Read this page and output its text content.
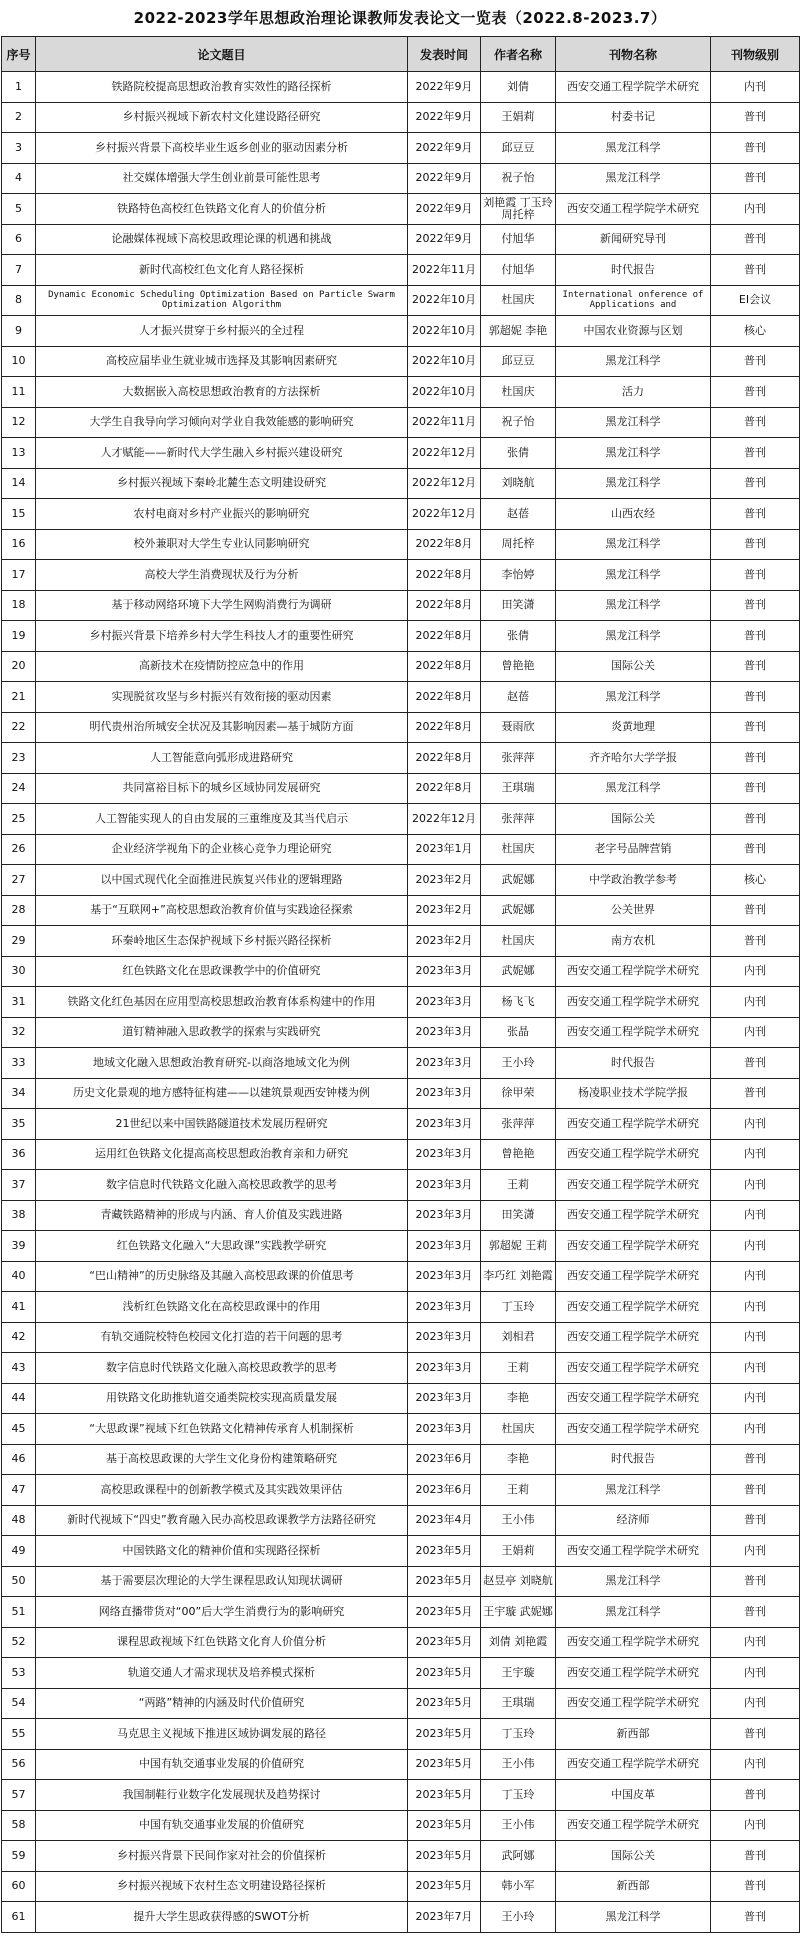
2022-2023学年思想政治理论课教师发表论文一览表（2022.8-2023.7）
序号	论文题目	发表时间	作者名称	刊物名称	刊物级别
1	铁路院校提高思想政治教育实效性的路径探析	2022年9月	刘倩	西安交通工程学院学术研究	内刊
2	乡村振兴视域下新农村文化建设路径研究	2022年9月	王娟莉	村委书记	普刊
3	乡村振兴背景下高校毕业生返乡创业的驱动因素分析	2022年9月	邱豆豆	黑龙江科学	普刊
4	社交媒体增强大学生创业前景可能性思考	2022年9月	祝子怡	黑龙江科学	普刊
5	铁路特色高校红色铁路文化育人的价值分析	2022年9月	刘艳霞 丁玉玲 周托梓	西安交通工程学院学术研究	内刊
6	论融媒体视域下高校思政理论课的机遇和挑战	2022年9月	付旭华	新闻研究导刊	普刊
7	新时代高校红色文化育人路径探析	2022年11月	付旭华	时代报告	普刊
8	Dynamic Economic Scheduling Optimization Based on Particle Swarm Optimization Algorithm	2022年10月	杜国庆	International onference of Applications and	EI会议
9	人才振兴贯穿于乡村振兴的全过程	2022年10月	郭超妮 李艳	中国农业资源与区划	核心
10	高校应届毕业生就业城市选择及其影响因素研究	2022年10月	邱豆豆	黑龙江科学	普刊
11	大数据嵌入高校思想政治教育的方法探析	2022年10月	杜国庆	活力	普刊
12	大学生自我导向学习倾向对学业自我效能感的影响研究	2022年11月	祝子怡	黑龙江科学	普刊
13	人才赋能——新时代大学生融入乡村振兴建设研究	2022年12月	张倩	黑龙江科学	普刊
14	乡村振兴视域下秦岭北麓生态文明建设研究	2022年12月	刘晓航	黑龙江科学	普刊
15	农村电商对乡村产业振兴的影响研究	2022年12月	赵蓓	山西农经	普刊
16	校外兼职对大学生专业认同影响研究	2022年8月	周托梓	黑龙江科学	普刊
17	高校大学生消费现状及行为分析	2022年8月	李怡婷	黑龙江科学	普刊
18	基于移动网络环境下大学生网购消费行为调研	2022年8月	田笑潇	黑龙江科学	普刊
19	乡村振兴背景下培养乡村大学生科技人才的重要性研究	2022年8月	张倩	黑龙江科学	普刊
20	高新技术在疫情防控应急中的作用	2022年8月	曾艳艳	国际公关	普刊
21	实现脱贫攻坚与乡村振兴有效衔接的驱动因素	2022年8月	赵蓓	黑龙江科学	普刊
22	明代贵州治所城安全状况及其影响因素—基于城防方面	2022年8月	聂雨欣	炎黄地理	普刊
23	人工智能意向弧形成进路研究	2022年8月	张萍萍	齐齐哈尔大学学报	普刊
24	共同富裕目标下的城乡区域协同发展研究	2022年8月	王琪瑞	黑龙江科学	普刊
25	人工智能实现人的自由发展的三重维度及其当代启示	2022年12月	张萍萍	国际公关	普刊
26	企业经济学视角下的企业核心竞争力理论研究	2023年1月	杜国庆	老字号品牌营销	普刊
27	以中国式现代化全面推进民族复兴伟业的逻辑理路	2023年2月	武妮娜	中学政治教学参考	核心
28	基于“互联网+”高校思想政治教育价值与实践途径探索	2023年2月	武妮娜	公关世界	普刊
29	环秦岭地区生态保护视域下乡村振兴路径探析	2023年2月	杜国庆	南方农机	普刊
30	红色铁路文化在思政课教学中的价值研究	2023年3月	武妮娜	西安交通工程学院学术研究	内刊
31	铁路文化红色基因在应用型高校思想政治教育体系构建中的作用	2023年3月	杨飞飞	西安交通工程学院学术研究	内刊
32	道钉精神融入思政教学的探索与实践研究	2023年3月	张晶	西安交通工程学院学术研究	内刊
33	地域文化融入思想政治教育研究-以商洛地域文化为例	2023年3月	王小玲	时代报告	普刊
34	历史文化景观的地方感特征构建——以建筑景观西安钟楼为例	2023年3月	徐甲荣	杨凌职业技术学院学报	普刊
35	21世纪以来中国铁路隧道技术发展历程研究	2023年3月	张萍萍	西安交通工程学院学术研究	内刊
36	运用红色铁路文化提高高校思想政治教育亲和力研究	2023年3月	曾艳艳	西安交通工程学院学术研究	内刊
37	数字信息时代铁路文化融入高校思政教学的思考	2023年3月	王莉	西安交通工程学院学术研究	内刊
38	青藏铁路精神的形成与内涵、育人价值及实践进路	2023年3月	田笑潇	西安交通工程学院学术研究	内刊
39	红色铁路文化融入“大思政课”实践教学研究	2023年3月	郭超妮 王莉	西安交通工程学院学术研究	内刊
40	“巴山精神”的历史脉络及其融入高校思政课的价值思考	2023年3月	李巧红 刘艳霞	西安交通工程学院学术研究	内刊
41	浅析红色铁路文化在高校思政课中的作用	2023年3月	丁玉玲	西安交通工程学院学术研究	内刊
42	有轨交通院校特色校园文化打造的若干问题的思考	2023年3月	刘相君	西安交通工程学院学术研究	内刊
43	数字信息时代铁路文化融入高校思政教学的思考	2023年3月	王莉	西安交通工程学院学术研究	内刊
44	用铁路文化助推轨道交通类院校实现高质量发展	2023年3月	李艳	西安交通工程学院学术研究	内刊
45	“大思政课”视域下红色铁路文化精神传承育人机制探析	2023年3月	杜国庆	西安交通工程学院学术研究	内刊
46	基于高校思政课的大学生文化身份构建策略研究	2023年6月	李艳	时代报告	普刊
47	高校思政课程中的创新教学模式及其实践效果评估	2023年6月	王莉	黑龙江科学	普刊
48	新时代视域下“四史”教育融入民办高校思政课教学方法路径研究	2023年4月	王小伟	经济师	普刊
49	中国铁路文化的精神价值和实现路径探析	2023年5月	王娟莉	西安交通工程学院学术研究	内刊
50	基于需要层次理论的大学生课程思政认知现状调研	2023年5月	赵昱亭 刘晓航	黑龙江科学	普刊
51	网络直播带货对“00”后大学生消费行为的影响研究	2023年5月	王宇璇 武妮娜	黑龙江科学	普刊
52	课程思政视域下红色铁路文化育人价值分析	2023年5月	刘倩 刘艳霞	西安交通工程学院学术研究	内刊
53	轨道交通人才需求现状及培养模式探析	2023年5月	王宇璇	西安交通工程学院学术研究	内刊
54	“两路”精神的内涵及时代价值研究	2023年5月	王琪瑞	西安交通工程学院学术研究	内刊
55	马克思主义视域下推进区域协调发展的路径	2023年5月	丁玉玲	新西部	普刊
56	中国有轨交通事业发展的价值研究	2023年5月	王小伟	西安交通工程学院学术研究	内刊
57	我国制鞋行业数字化发展现状及趋势探讨	2023年5月	丁玉玲	中国皮革	普刊
58	中国有轨交通事业发展的价值研究	2023年5月	王小伟	西安交通工程学院学术研究	内刊
59	乡村振兴背景下民间作家对社会的价值探析	2023年5月	武阿娜	国际公关	普刊
60	乡村振兴视域下农村生态文明建设路径探析	2023年5月	韩小军	新西部	普刊
61	提升大学生思政获得感的SWOT分析	2023年7月	王小玲	黑龙江科学	普刊
